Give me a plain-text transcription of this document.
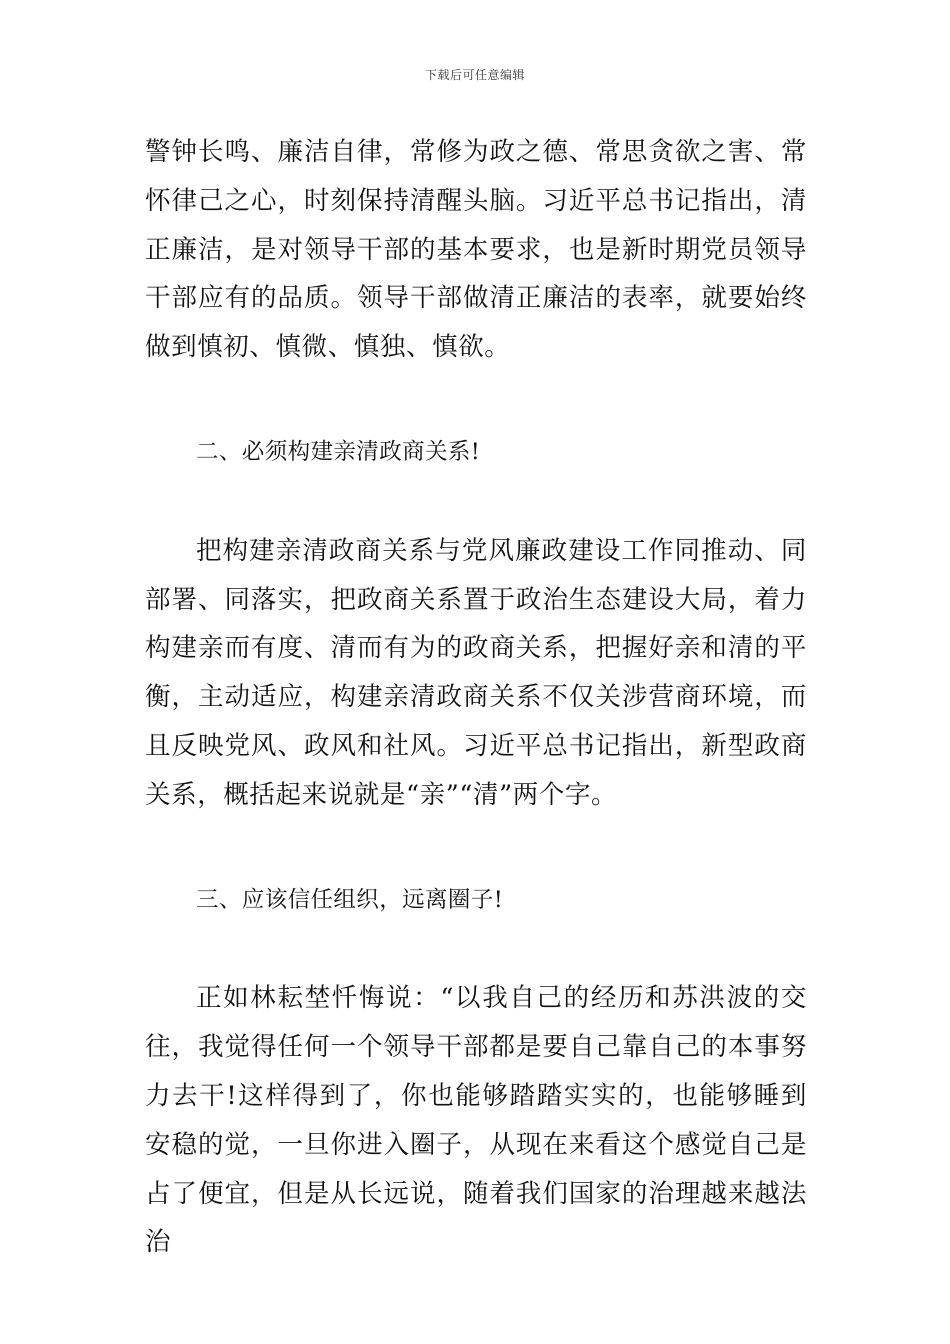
下载后可任意编辑

警钟长鸣、廉洁自律，常修为政之德、常思贪欲之害、常怀律己之心，时刻保持清醒头脑。习近平总书记指出，清正廉洁，是对领导干部的基本要求，也是新时期党员领导干部应有的品质。领导干部做清正廉洁的表率，就要始终做到慎初、慎微、慎独、慎欲。

二、必须构建亲清政商关系!

把构建亲清政商关系与党风廉政建设工作同推动、同部署、同落实，把政商关系置于政治生态建设大局，着力构建亲而有度、清而有为的政商关系，把握好亲和清的平衡，主动适应，构建亲清政商关系不仅关涉营商环境，而且反映党风、政风和社风。习近平总书记指出，新型政商关系，概括起来说就是“亲”“清”两个字。

三、应该信任组织，远离圈子!

正如林耘埜忏悔说：“以我自己的经历和苏洪波的交往，我觉得任何一个领导干部都是要自己靠自己的本事努力去干!这样得到了，你也能够踏踏实实的，也能够睡到安稳的觉，一旦你进入圈子，从现在来看这个感觉自己是占了便宜，但是从长远说，随着我们国家的治理越来越法治
